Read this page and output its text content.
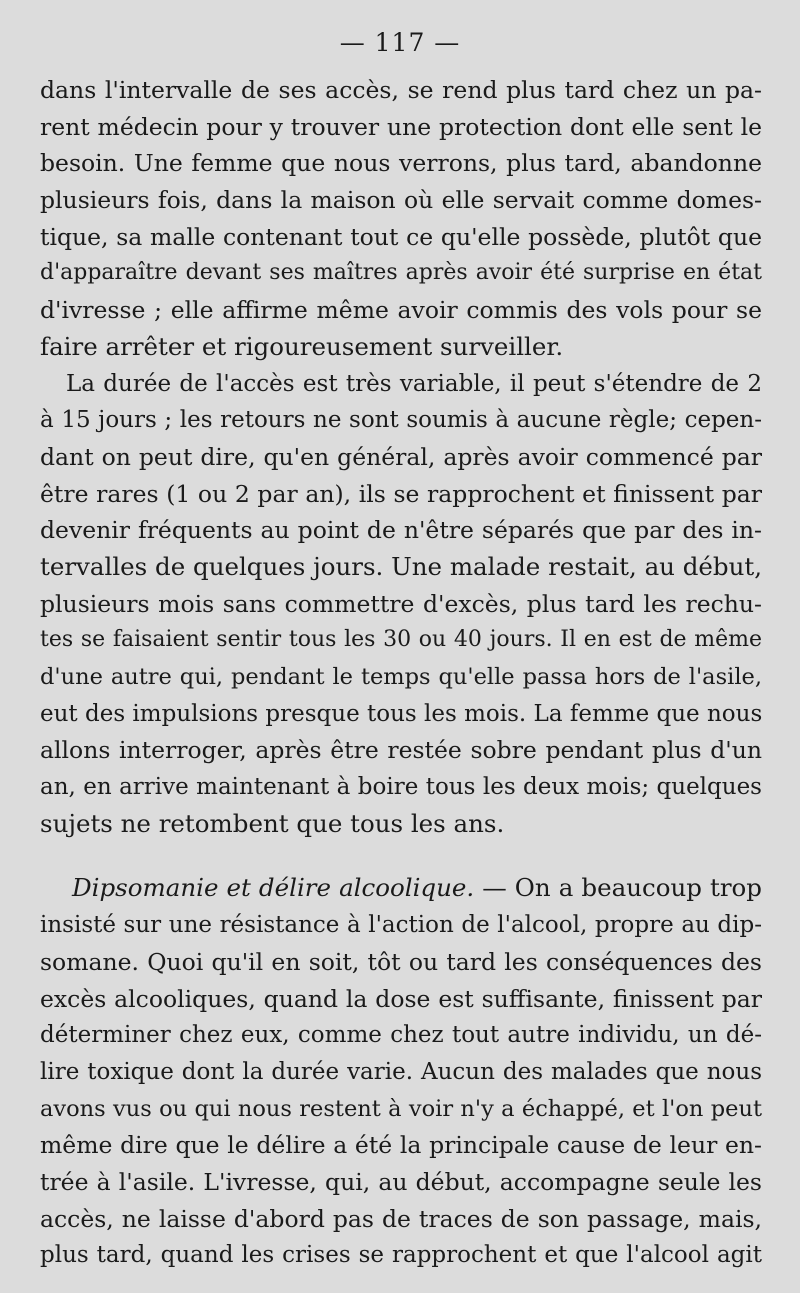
— 117 —
dans l'intervalle de ses accès, se rend plus tard chez un pa-
rent médecin pour y trouver une protection dont elle sent le
besoin. Une femme que nous verrons, plus tard, abandonne
plusieurs fois, dans la maison où elle servait comme domes-
tique, sa malle contenant tout ce qu'elle possède, plutôt que
d'apparaître devant ses maîtres après avoir été surprise en état
d'ivresse ; elle affirme même avoir commis des vols pour se
faire arrêter et rigoureusement surveiller.
La durée de l'accès est très variable, il peut s'étendre de 2
à 15 jours ; les retours ne sont soumis à aucune règle; cepen-
dant on peut dire, qu'en général, après avoir commencé par
être rares (1 ou 2 par an), ils se rapprochent et finissent par
devenir fréquents au point de n'être séparés que par des in-
tervalles de quelques jours. Une malade restait, au début,
plusieurs mois sans commettre d'excès, plus tard les rechu-
tes se faisaient sentir tous les 30 ou 40 jours. Il en est de même
d'une autre qui, pendant le temps qu'elle passa hors de l'asile,
eut des impulsions presque tous les mois. La femme que nous
allons interroger, après être restée sobre pendant plus d'un
an, en arrive maintenant à boire tous les deux mois; quelques
sujets ne retombent que tous les ans.
Dipsomanie et délire alcoolique. — On a beaucoup trop
insisté sur une résistance à l'action de l'alcool, propre au dip-
somane. Quoi qu'il en soit, tôt ou tard les conséquences des
excès alcooliques, quand la dose est suffisante, finissent par
déterminer chez eux, comme chez tout autre individu, un dé-
lire toxique dont la durée varie. Aucun des malades que nous
avons vus ou qui nous restent à voir n'y a échappé, et l'on peut
même dire que le délire a été la principale cause de leur en-
trée à l'asile. L'ivresse, qui, au début, accompagne seule les
accès, ne laisse d'abord pas de traces de son passage, mais,
plus tard, quand les crises se rapprochent et que l'alcool agit
